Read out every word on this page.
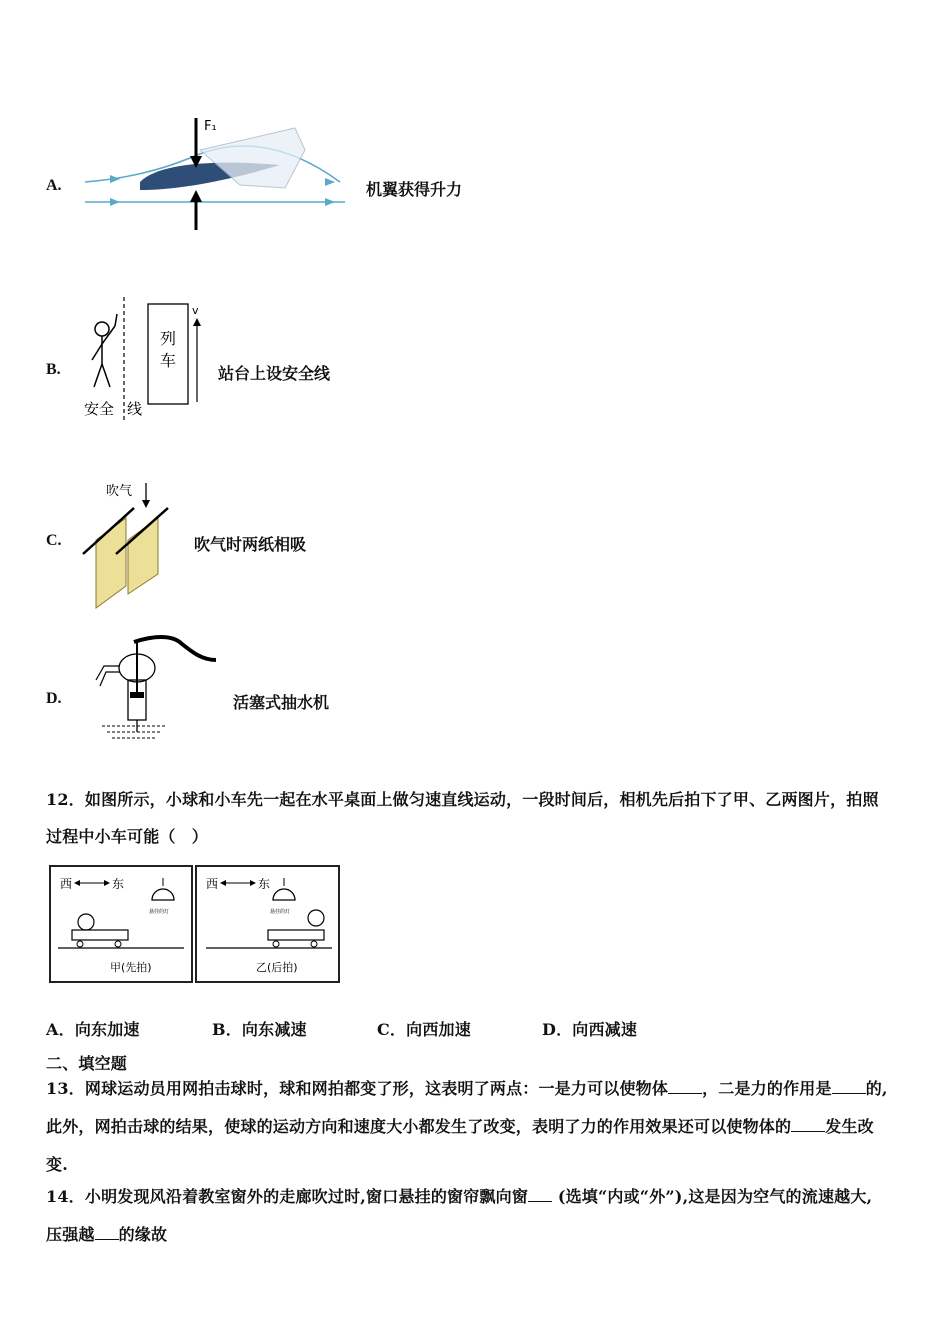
A.
F₁
机翼获得升力
B.
列
车
v
安全 线
站台上设安全线
C.
吹气
吹气时两纸相吸
D.	活塞式抽水机
12．如图所示，小球和小车先一起在水平桌面上做匀速直线运动，一段时间后，相机先后拍下了甲、乙两图片，拍照
过程中小车可能（　）
西	东
悬挂的灯
甲(先拍)
西	东
悬挂的灯
乙(后拍)
A．向东加速	B．向东减速	C．向西加速	D．向西减速
二、填空题
13．网球运动员用网拍击球时，球和网拍都变了形，这表明了两点：一是力可以使物体 ，二是力的作用是 的,
此外，网拍击球的结果，使球的运动方向和速度大小都发生了改变，表明了力的作用效果还可以使物体的 发生改
变.
14．小明发现风沿着教室窗外的走廊吹过时,窗口悬挂的窗帘飘向窗 (选填“内或“外”),这是因为空气的流速越大,
压强越 的缘故
